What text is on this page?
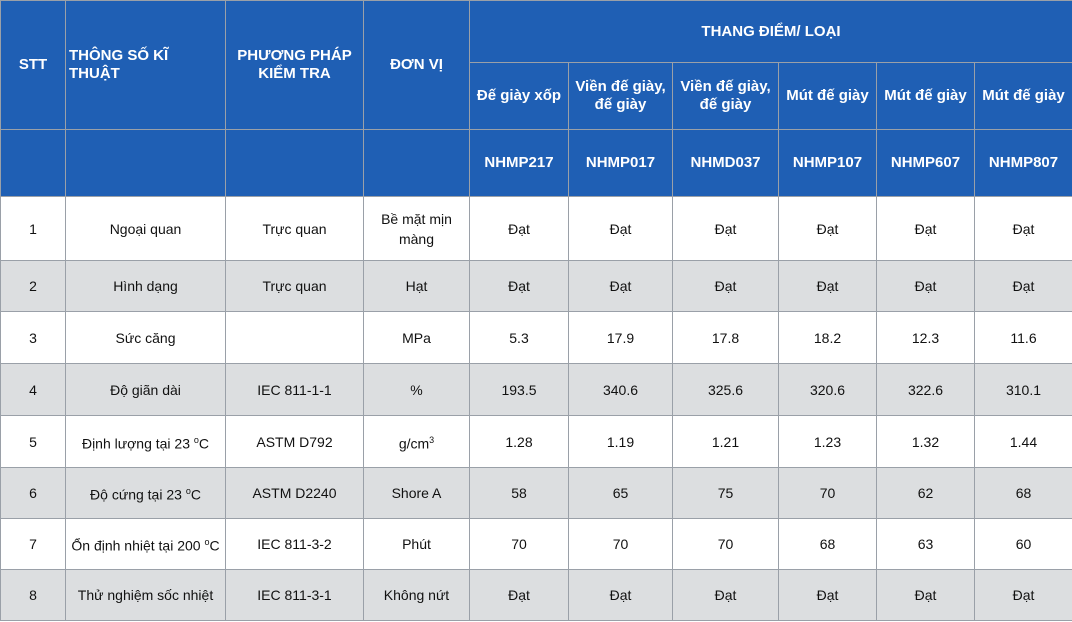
STT	THÔNG SỐ KĨ THUẬT	PHƯƠNG PHÁP
KIỂM TRA	ĐƠN VỊ	THANG ĐIỂM/ LOẠI					
				Đế giày xốp	Viền đế giày, đế giày	Viền đế giày, đế giày	Mút đế giày	Mút đế giày	Mút đế giày
				NHMP217	NHMP017	NHMD037	NHMP107	NHMP607	NHMP807
1	Ngoại quan	Trực quan	Bề mặt mịn màng	Đạt	Đạt	Đạt	Đạt	Đạt	Đạt
2	Hình dạng	Trực quan	Hạt	Đạt	Đạt	Đạt	Đạt	Đạt	Đạt
3	Sức căng		MPa	5.3	17.9	17.8	18.2	12.3	11.6
4	Độ giãn dài	IEC 811-1-1	%	193.5	340.6	325.6	320.6	322.6	310.1
5	Định lượng tại 23 $^o$C	ASTM D792	$g/cm^3$	1.28	1.19	1.21	1.23	1.32	1.44
6	Độ cứng tại 23 $^o$C	ASTM D2240	Shore A	58	65	75	70	62	68
7	Ổn định nhiệt tại 200 $^o$C	IEC 811-3-2	Phút	70	70	70	68	63	60
8	Thử nghiệm sốc nhiệt	IEC 811-3-1	Không nứt	Đạt	Đạt	Đạt	Đạt	Đạt	Đạt
